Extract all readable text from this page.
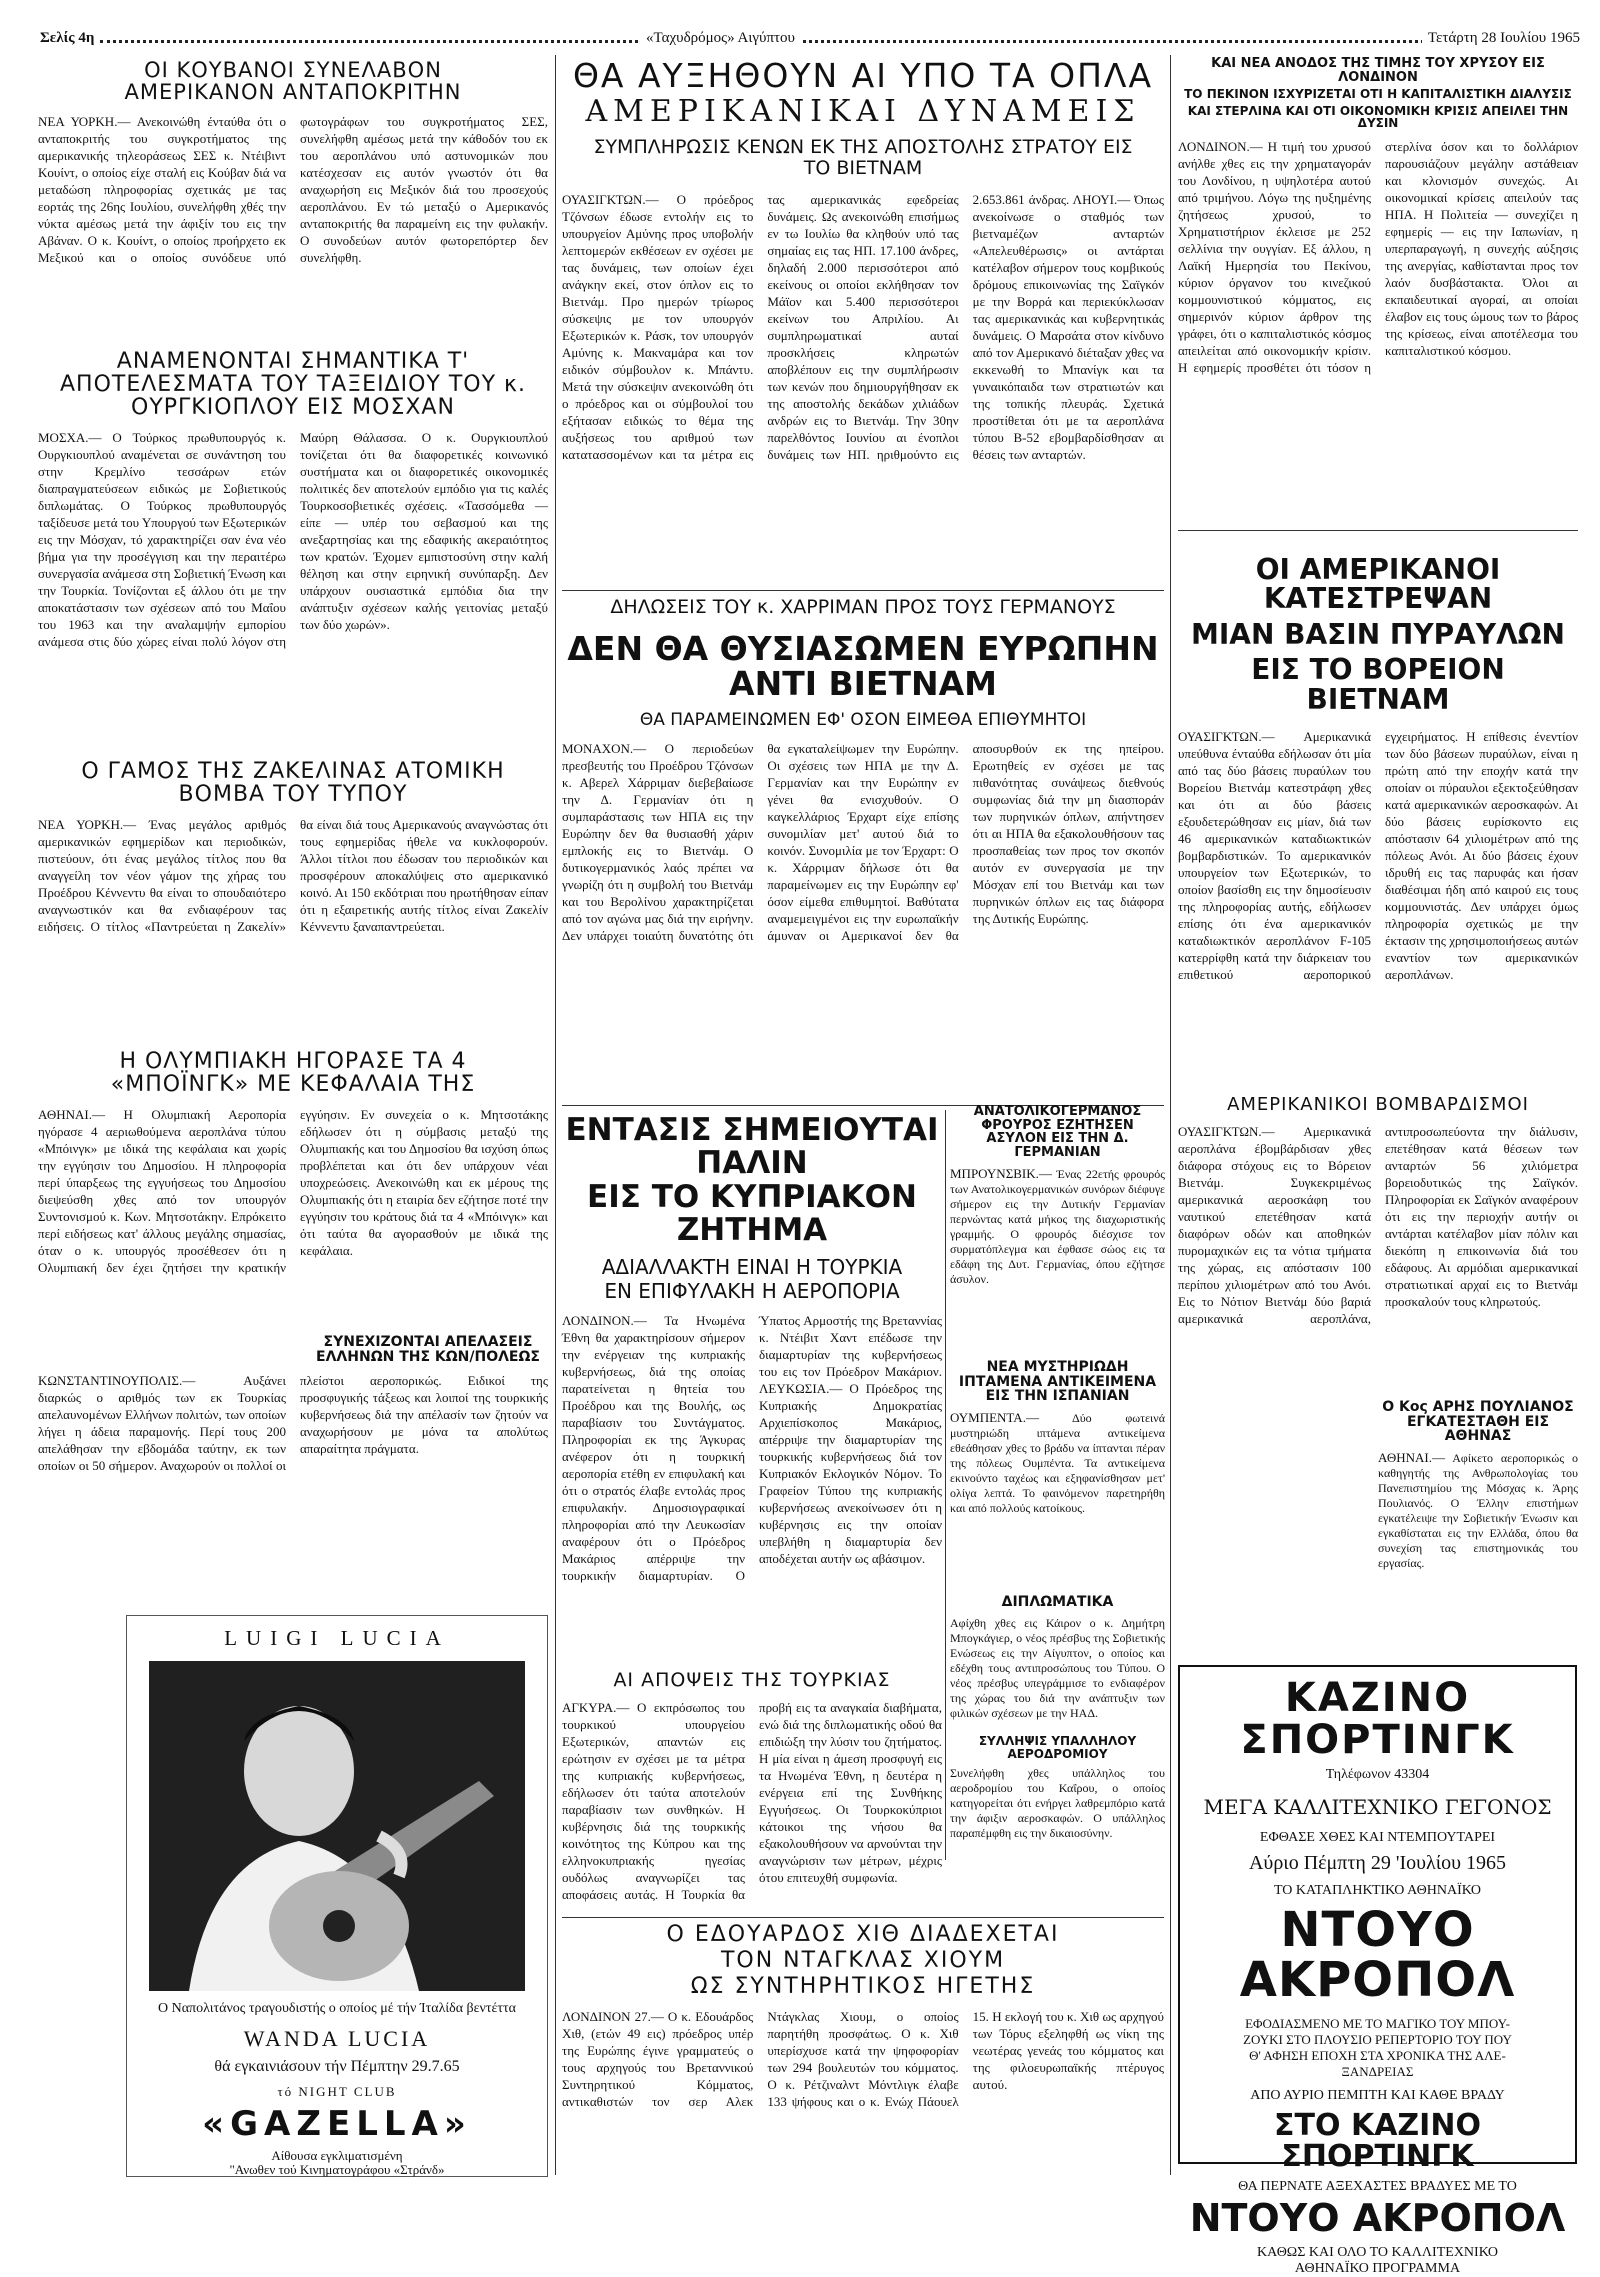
Σελίς 4η	«Ταχυδρόμος» Αιγύπτου	Τετάρτη 28 Ιουλίου 1965
ΟΙ ΚΟΥΒΑΝΟΙ ΣΥΝΕΛΑΒΟΝ ΑΜΕΡΙΚΑΝΟΝ ΑΝΤΑΠΟΚΡΙΤΗΝ
ΝΕΑ ΥΟΡΚΗ.— Ανεκοινώθη ένταύθα ότι ο ανταποκριτής του συγκροτήματος της αμερικανικής τηλεοράσεως ΣΕΣ κ. Ντέιβιντ Κουίντ, ο οποίος είχε σταλή εις Κούβαν διά να μεταδώση πληροφορίας σχετικάς με τας εορτάς της 26ης Ιουλίου, συνελήφθη χθές την νύκτα αμέσως μετά την άφιξίν του εις την Αβάναν. Ο κ. Κουίντ, ο οποίος προήρχετο εκ Μεξικού και ο οποίος συνόδευε υπό φωτογράφων του συγκροτήματος ΣΕΣ, συνελήφθη αμέσως μετά την κάθοδόν του εκ του αεροπλάνου υπό αστυνομικών που κατέσχεσαν εις αυτόν γνωστόν ότι θα αναχωρήση εις Μεξικόν διά του προσεχούς αεροπλάνου. Εν τώ μεταξύ ο Αμερικανός ανταποκριτής θα παραμείνη εις την φυλακήν. Ο συνοδεύων αυτόν φωτορεπόρτερ δεν συνελήφθη.
ΑΝΑΜΕΝΟΝΤΑΙ ΣΗΜΑΝΤΙΚΑ Τ' ΑΠΟΤΕΛΕΣΜΑΤΑ ΤΟΥ ΤΑΞΕΙΔΙΟΥ ΤΟΥ κ. ΟΥΡΓΚΙΟΠΛΟΥ ΕΙΣ ΜΟΣΧΑΝ
ΜΟΣΧΑ.— Ο Τούρκος πρωθυπουργός κ. Ουργκιουπλού αναμένεται σε συνάντηση του στην Κρεμλίνο τεσσάρων ετών διαπραγματεύσεων ειδικώς με Σοβιετικούς διπλωμάτας. Ο Τούρκος πρωθυπουργός ταξίδευσε μετά του Υπουργού των Εξωτερικών εις την Μόσχαν, τό χαρακτηρίζει σαν ένα νέο βήμα για την προσέγγιση και την περαιτέρω συνεργασία ανάμεσα στη Σοβιετική Ένωση και την Τουρκία. Τονίζονται εξ άλλου ότι με την αποκατάστασιν των σχέσεων από του Μαΐου του 1963 και την αναλαμψήν εμπορίου ανάμεσα στις δύο χώρες είναι πολύ λόγον στη Μαύρη Θάλασσα. Ο κ. Ουργκιουπλού τονίζεται ότι θα διαφορετικές κοινωνικό συστήματα και οι διαφορετικές οικονομικές πολιτικές δεν αποτελούν εμπόδιο για τις καλές Τουρκοσοβιετικές σχέσεις. «Τασσόμεθα — είπε — υπέρ του σεβασμού και της ανεξαρτησίας και της εδαφικής ακεραιότητος των κρατών. Έχομεν εμπιστοσύνη στην καλή θέληση και στην ειρηνική συνύπαρξη. Δεν υπάρχουν ουσιαστικά εμπόδια δια την ανάπτυξιν σχέσεων καλής γειτονίας μεταξύ των δύο χωρών».
Ο ΓΑΜΟΣ ΤΗΣ ΖΑΚΕΛΙΝΑΣ ΑΤΟΜΙΚΗ ΒΟΜΒΑ ΤΟΥ ΤΥΠΟΥ
ΝΕΑ ΥΟΡΚΗ.— Ένας μεγάλος αριθμός αμερικανικών εφημερίδων και περιοδικών, πιστεύουν, ότι ένας μεγάλος τίτλος που θα αναγγείλη τον νέον γάμον της χήρας του Προέδρου Κέννεντυ θα είναι το σπουδαιότερο αναγνωστικόν και θα ενδιαφέρουν τας ειδήσεις. Ο τίτλος «Παντρεύεται η Ζακελίν» θα είναι διά τους Αμερικανούς αναγνώστας ότι τους εφημερίδας ήθελε να κυκλοφορούν. Άλλοι τίτλοι που έδωσαν του περιοδικών και προσφέρουν αποκαλύψεις στο αμερικανικό κοινό. Αι 150 εκδότριαι που ηρωτήθησαν είπαν ότι η εξαιρετικής αυτής τίτλος είναι Ζακελίν Κέννεντυ ξαναπαντρεύεται.
Η ΟΛΥΜΠΙΑΚΗ ΗΓΟΡΑΣΕ ΤΑ 4 «ΜΠΟΪΝΓΚ» ΜΕ ΚΕΦΑΛΑΙΑ ΤΗΣ
ΑΘΗΝΑΙ.— Η Ολυμπιακή Αεροπορία ηγόρασε 4 αεριωθούμενα αεροπλάνα τύπου «Μπόινγκ» με ιδικά της κεφάλαια και χωρίς την εγγύησιν του Δημοσίου. Η πληροφορία περί ύπαρξεως της εγγυήσεως του Δημοσίου διεψεύσθη χθες από τον υπουργόν Συντονισμού κ. Κων. Μητσοτάκην. Επρόκειτο περί ειδήσεως κατ' άλλους μεγάλης σημασίας, όταν ο κ. υπουργός προσέθεσεν ότι η Ολυμπιακή δεν έχει ζητήσει την κρατικήν εγγύησιν. Εν συνεχεία ο κ. Μητσοτάκης εδήλωσεν ότι η σύμβασις μεταξύ της Ολυμπιακής και του Δημοσίου θα ισχύση όπως προβλέπεται και ότι δεν υπάρχουν νέαι υποχρεώσεις. Ανεκοινώθη και εκ μέρους της Ολυμπιακής ότι η εταιρία δεν εζήτησε ποτέ την εγγύησιν του κράτους διά τα 4 «Μπόινγκ» και ότι ταύτα θα αγορασθούν με ιδικά της κεφάλαια.
ΣΥΝΕΧΙΖΟΝΤΑΙ ΑΠΕΛΑΣΕΙΣ ΕΛΛΗΝΩΝ ΤΗΣ ΚΩΝ/ΠΟΛΕΩΣ
ΚΩΝΣΤΑΝΤΙΝΟΥΠΟΛΙΣ.—	Αυξάνει διαρκώς ο αριθμός των εκ Τουρκίας απελαυνομένων Ελλήνων πολιτών, των οποίων λήγει η άδεια παραμονής. Περί τους 200 απελάθησαν την εβδομάδα ταύτην, εκ των οποίων οι 50 σήμερον. Αναχωρούν οι πολλοί οι πλείστοι αεροπορικώς. Ειδικοί της προσφυγικής τάξεως και λοιποί της τουρκικής κυβερνήσεως διά την απέλασίν των ζητούν να αναχωρήσουν με μόνα τα απολύτως απαραίτητα πράγματα.
LUIGI LUCIA
Ο Ναπολιτάνος τραγουδιστής ο οποίος μέ τήν Ίταλίδα βεντέττα
WANDA LUCIA
θά εγκαινιάσουν τήν Πέμπτην 29.7.65
τό NIGHT CLUB
«GAZELLA»
Αίθουσα εγκλιματισμένη
"Ανωθεν τού Κινηματογράφου «Στράνδ»
ΘΑ ΑΥΞΗΘΟΥΝ ΑΙ ΥΠΟ ΤΑ ΟΠΛΑ
ΑΜΕΡΙΚΑΝΙΚΑΙ ΔΥΝΑΜΕΙΣ
ΣΥΜΠΛΗΡΩΣΙΣ ΚΕΝΩΝ ΕΚ ΤΗΣ ΑΠΟΣΤΟΛΗΣ ΣΤΡΑΤΟΥ ΕΙΣ ΤΟ ΒΙΕΤΝΑΜ
ΟΥΑΣΙΓΚΤΩΝ.— Ο πρόεδρος Τζόνσων έδωσε εντολήν εις το υπουργείον Αμύνης προς υποβολήν λεπτομερών εκθέσεων εν σχέσει με τας δυνάμεις, των οποίων έχει ανάγκην εκεί, στον όπλον εις το Βιετνάμ. Προ ημερών τρίωρος σύσκεψις με τον υπουργόν Εξωτερικών κ. Ράσκ, τον υπουργόν Αμύνης κ. Μακναμάρα και τον ειδικόν σύμβουλον κ. Μπάντυ. Μετά την σύσκεψιν ανεκοινώθη ότι ο πρόεδρος και οι σύμβουλοί του εξήτασαν ειδικώς το θέμα της αυξήσεως του αριθμού των κατατασσομένων και τα μέτρα εις τας αμερικανικάς εφεδρείας δυνάμεις. Ως ανεκοινώθη επισήμως εν τω Ιουλίω θα κληθούν υπό τας σημαίας εις τας ΗΠ. 17.100 άνδρες, δηλαδή 2.000 περισσότεροι από εκείνους οι οποίοι εκλήθησαν τον Μάϊον και 5.400 περισσότεροι εκείνων του Απριλίου. Αι συμπληρωματικαί αυταί προσκλήσεις κληρωτών αποβλέπουν εις την συμπλήρωσιν των κενών που δημιουργήθησαν εκ της αποστολής δεκάδων χιλιάδων ανδρών εις το Βιετνάμ. Την 30ην παρελθόντος Ιουνίου αι ένοπλοι δυνάμεις των ΗΠ. ηριθμούντο εις 2.653.861 άνδρας. ΛΗΟΥΙ.— Όπως ανεκοίνωσε ο σταθμός των βιετναμέζων ανταρτών «Απελευθέρωσις» οι αντάρται κατέλαβον σήμερον τους κομβικούς δρόμους επικοινωνίας της Σαϊγκόν με την Βορρά και περιεκύκλωσαν τας αμερικανικάς και κυβερνητικάς δυνάμεις. Ο Μαρσάτα στον κίνδυνο από τον Αμερικανό διέταξαν χθες να εκκενωθή το Μπανίγκ και τα γυναικόπαιδα των στρατιωτών και της τοπικής πλευράς. Σχετικά προστίθεται ότι με τα αεροπλάνα τύπου Β-52 εβομβαρδίσθησαν αι θέσεις των ανταρτών.
ΔΗΛΩΣΕΙΣ ΤΟΥ κ. ΧΑΡΡΙΜΑΝ ΠΡΟΣ ΤΟΥΣ ΓΕΡΜΑΝΟΥΣ
ΔΕΝ ΘΑ ΘΥΣΙΑΣΩΜΕΝ ΕΥΡΩΠΗΝ ΑΝΤΙ ΒΙΕΤΝΑΜ
ΘΑ ΠΑΡΑΜΕΙΝΩΜΕΝ ΕΦ' ΟΣΟΝ ΕΙΜΕΘΑ ΕΠΙΘΥΜΗΤΟΙ
ΜΟΝΑΧΟΝ.— Ο περιοδεύων πρεσβευτής του Προέδρου Τζόνσων κ. Αβερελ Χάρριμαν διεβεβαίωσε την Δ. Γερμανίαν ότι η συμπαράστασις των ΗΠΑ εις την Ευρώπην δεν θα θυσιασθή χάριν εμπλοκής εις το Βιετνάμ. Ο δυτικογερμανικός λαός πρέπει να γνωρίζη ότι η συμβολή του Βιετνάμ και του Βερολίνου χαρακτηρίζεται από τον αγώνα μας διά την ειρήνην. Δεν υπάρχει τοιαύτη δυνατότης ότι θα εγκαταλείψωμεν την Ευρώπην. Οι σχέσεις των ΗΠΑ με την Δ. Γερμανίαν και την Ευρώπην εν γένει θα ενισχυθούν. Ο καγκελλάριος Έρχαρτ είχε επίσης συνομιλίαν μετ' αυτού διά το κοινόν. Συνομιλία με τον Έρχαρτ: Ο κ. Χάρριμαν δήλωσε ότι θα παραμείνωμεν εις την Ευρώπην εφ' όσον είμεθα επιθυμητοί. Βαθύτατα αναμεμειγμένοι εις την ευρωπαϊκήν άμυναν οι Αμερικανοί δεν θα αποσυρθούν εκ της ηπείρου. Ερωτηθείς εν σχέσει με τας πιθανότητας συνάψεως διεθνούς συμφωνίας διά την μη διασποράν των πυρηνικών όπλων, απήντησεν ότι αι ΗΠΑ θα εξακολουθήσουν τας προσπαθείας των προς τον σκοπόν αυτόν εν συνεργασία με την Μόσχαν επί του Βιετνάμ και των πυρηνικών όπλων εις τας διάφορα της Δυτικής Ευρώπης.
ΕΝΤΑΣΙΣ ΣΗΜΕΙΟΥΤΑΙ ΠΑΛΙΝ
ΕΙΣ ΤΟ ΚΥΠΡΙΑΚΟΝ ΖΗΤΗΜΑ
ΑΔΙΑΛΛΑΚΤΗ ΕΙΝΑΙ Η ΤΟΥΡΚΙΑ
ΕΝ ΕΠΙΦΥΛΑΚΗ Η ΑΕΡΟΠΟΡΙΑ
ΛΟΝΔΙΝΟΝ.— Τα Ηνωμένα Έθνη θα χαρακτηρίσουν σήμερον την ενέργειαν της κυπριακής κυβερνήσεως, διά της οποίας παρατείνεται η θητεία του Προέδρου και της Βουλής, ως παραβίασιν του Συντάγματος. Πληροφορίαι εκ της Άγκυρας ανέφερον ότι η τουρκική αεροπορία ετέθη εν επιφυλακή και ότι ο στρατός έλαβε εντολάς προς επιφυλακήν. Δημοσιογραφικαί πληροφορίαι από την Λευκωσίαν αναφέρουν ότι ο Πρόεδρος Μακάριος απέρριψε την τουρκικήν διαμαρτυρίαν. Ο Ύπατος Αρμοστής της Βρεταννίας κ. Ντέιβιτ Χαντ επέδωσε την διαμαρτυρίαν της κυβερνήσεως του εις τον Πρόεδρον Μακάριον. ΛΕΥΚΩΣΙΑ.— Ο Πρόεδρος της Κυπριακής Δημοκρατίας Αρχιεπίσκοπος Μακάριος, απέρριψε την διαμαρτυρίαν της τουρκικής κυβερνήσεως διά τον Κυπριακόν Εκλογικόν Νόμον. Το Γραφείον Τύπου της κυπριακής κυβερνήσεως ανεκοίνωσεν ότι η κυβέρνησις εις την οποίαν υπεβλήθη η διαμαρτυρία δεν αποδέχεται αυτήν ως αβάσιμον.
ΑΙ ΑΠΟΨΕΙΣ ΤΗΣ ΤΟΥΡΚΙΑΣ
ΑΓΚΥΡΑ.— Ο εκπρόσωπος του τουρκικού υπουργείου Εξωτερικών, απαντών εις ερώτησιν εν σχέσει με τα μέτρα της κυπριακής κυβερνήσεως, εδήλωσεν ότι ταύτα αποτελούν παραβίασιν των συνθηκών. Η κυβέρνησις διά της τουρκικής κοινότητος της Κύπρου και της ελληνοκυπριακής ηγεσίας ουδόλως αναγνωρίζει τας αποφάσεις αυτάς. Η Τουρκία θα προβή εις τα αναγκαία διαβήματα, ενώ διά της διπλωματικής οδού θα επιδιώξη την λύσιν του ζητήματος. Η μία είναι η άμεση προσφυγή εις τα Ηνωμένα Έθνη, η δευτέρα η ενέργεια επί της Συνθήκης Εγγυήσεως. Οι Τουρκοκύπριοι κάτοικοι της νήσου θα εξακολουθήσουν να αρνούνται την αναγνώρισιν των μέτρων, μέχρις ότου επιτευχθή συμφωνία.
Ο ΕΔΟΥΑΡΔΟΣ ΧΙΘ ΔΙΑΔΕΧΕΤΑΙ
ΤΟΝ ΝΤΑΓΚΛΑΣ ΧΙΟΥΜ
ΩΣ ΣΥΝΤΗΡΗΤΙΚΟΣ ΗΓΕΤΗΣ
ΛΟΝΔΙΝΟΝ 27.— Ο κ. Εδουάρδος Χιθ, (ετών 49 εις) πρόεδρος υπέρ της Ευρώπης έγινε γραμματεύς ο τους αρχηγούς του Βρεταννικού Συντηρητικού Κόμματος, αντικαθιστών τον σερ Αλεκ Ντάγκλας Χιουμ, ο οποίος παρητήθη προσφάτως. Ο κ. Χιθ υπερίσχυσε κατά την ψηφοφορίαν των 294 βουλευτών του κόμματος. Ο κ. Ρέτζιναλντ Μόντλιγκ έλαβε 133 ψήφους και ο κ. Ενώχ Πάουελ 15. Η εκλογή του κ. Χιθ ως αρχηγού των Τόρυς εξεληφθή ως νίκη της νεωτέρας γενεάς του κόμματος και της φιλοευρωπαϊκής πτέρυγος αυτού.
ΑΝΑΤΟΛΙΚΟΓΕΡΜΑΝΟΣ ΦΡΟΥΡΟΣ ΕΖΗΤΗΣΕΝ ΑΣΥΛΟΝ ΕΙΣ ΤΗΝ Δ. ΓΕΡΜΑΝΙΑΝ
ΜΠΡΟΥΝΣΒΙΚ.— Ένας 22ετής φρουρός των Ανατολικογερμανικών συνόρων διέφυγε σήμερον εις την Δυτικήν Γερμανίαν περνώντας κατά μήκος της διαχωριστικής γραμμής. Ο φρουρός διέσχισε τον συρματόπλεγμα και έφθασε σώος εις τα εδάφη της Δυτ. Γερμανίας, όπου εζήτησε άσυλον.
ΝΕΑ ΜΥΣΤΗΡΙΩΔΗ ΙΠΤΑΜΕΝΑ ΑΝΤΙΚΕΙΜΕΝΑ ΕΙΣ ΤΗΝ ΙΣΠΑΝΙΑΝ
ΟΥΜΠΕΝΤΑ.—	Δύο φωτεινά μυστηριώδη ιπτάμενα αντικείμενα εθεάθησαν χθες το βράδυ να ίπτανται πέραν της πόλεως Ουμπέντα. Τα αντικείμενα εκινούντο ταχέως και εξηφανίσθησαν μετ' ολίγα λεπτά. Το φαινόμενον παρετηρήθη και από πολλούς κατοίκους.
ΔΙΠΛΩΜΑΤΙΚΑ
Αφίχθη χθες εις Κάιρον ο κ. Δημήτρη Μπογκάγιερ, ο νέος πρέσβυς της Σοβιετικής Ενώσεως εις την Αίγυπτον, ο οποίος και εδέχθη τους αντιπροσώπους του Τύπου. Ο νέος πρέσβυς υπεγράμμισε το ενδιαφέρον της χώρας του διά την ανάπτυξιν των φιλικών σχέσεων με την ΗΑΔ.
ΣΥΛΛΗΨΙΣ ΥΠΑΛΛΗΛΟΥ ΑΕΡΟΔΡΟΜΙΟΥ
Συνελήφθη χθες υπάλληλος του αεροδρομίου του Καΐρου, ο οποίος κατηγορείται ότι ενήργει λαθρεμπόριο κατά την άφιξιν αεροσκαφών. Ο υπάλληλος παραπέμφθη εις την δικαιοσύνην.
ΚΑΙ ΝΕΑ ΑΝΟΔΟΣ ΤΗΣ ΤΙΜΗΣ ΤΟΥ ΧΡΥΣΟΥ ΕΙΣ ΛΟΝΔΙΝΟΝ
ΤΟ ΠΕΚΙΝΟΝ ΙΣΧΥΡΙΖΕΤΑΙ ΟΤΙ Η ΚΑΠΙΤΑΛΙΣΤΙΚΗ ΔΙΑΛΥΣΙΣ
ΚΑΙ ΣΤΕΡΛΙΝΑ ΚΑΙ ΟΤΙ ΟΙΚΟΝΟΜΙΚΗ ΚΡΙΣΙΣ ΑΠΕΙΛΕΙ ΤΗΝ ΔΥΣΙΝ
ΛΟΝΔΙΝΟΝ.— Η τιμή του χρυσού ανήλθε χθες εις την χρηματαγοράν του Λονδίνου, η υψηλοτέρα αυτού από τριμήνου. Λόγω της ηυξημένης ζητήσεως χρυσού, το Χρηματιστήριον έκλεισε με 252 σελλίνια την ουγγίαν. Εξ άλλου, η Λαϊκή Ημερησία του Πεκίνου, κύριον όργανον του κινεζικού κομμουνιστικού κόμματος, εις σημερινόν κύριον άρθρον της γράφει, ότι ο καπιταλιστικός κόσμος απειλείται από οικονομικήν κρίσιν. Η εφημερίς προσθέτει ότι τόσον η στερλίνα όσον και το δολλάριον παρουσιάζουν μεγάλην αστάθειαν και κλονισμόν συνεχώς. Αι οικονομικαί κρίσεις απειλούν τας ΗΠΑ. Η Πολιτεία — συνεχίζει η εφημερίς — εις την Ιαπωνίαν, η υπερπαραγωγή, η συνεχής αύξησις της ανεργίας, καθίστανται προς τον λαόν δυσβάστακτα. Όλοι αι εκπαιδευτικαί αγοραί, αι οποίαι έλαβον εις τους ώμους των το βάρος της κρίσεως, είναι αποτέλεσμα του καπιταλιστικού κόσμου.
ΟΙ ΑΜΕΡΙΚΑΝΟΙ ΚΑΤΕΣΤΡΕΨΑΝ
ΜΙΑΝ ΒΑΣΙΝ ΠΥΡΑΥΛΩΝ
ΕΙΣ ΤΟ ΒΟΡΕΙΟΝ ΒΙΕΤΝΑΜ
ΟΥΑΣΙΓΚΤΩΝ.— Αμερικανικά υπεύθυνα ένταύθα εδήλωσαν ότι μία από τας δύο βάσεις πυραύλων του Βορείου Βιετνάμ κατεστράφη χθες και ότι αι δύο βάσεις εξουδετερώθησαν εις μίαν, διά των 46 αμερικανικών καταδιωκτικών βομβαρδιστικών. Το αμερικανικόν υπουργείον των Εξωτερικών, το οποίον βασίσθη εις την δημοσίευσιν της πληροφορίας αυτής, εδήλωσεν επίσης ότι ένα αμερικανικόν καταδιωκτικόν αεροπλάνον F-105 κατερρίφθη κατά την διάρκειαν του επιθετικού αεροπορικού εγχειρήματος. Η επίθεσις ένεντίον των δύο βάσεων πυραύλων, είναι η πρώτη από την εποχήν κατά την οποίαν οι πύραυλοι εξεκτοξεύθησαν κατά αμερικανικών αεροσκαφών. Αι δύο βάσεις ευρίσκοντο εις απόστασιν 64 χιλιομέτρων από της πόλεως Ανόι. Αι δύο βάσεις έχουν ιδρυθή εις τας παρυφάς και ήσαν διαθέσιμαι ήδη από καιρού εις τους κομμουνιστάς. Δεν υπάρχει όμως πληροφορία σχετικώς με την έκτασιν της χρησιμοποιήσεως αυτών εναντίον των αμερικανικών αεροπλάνων.
ΑΜΕΡΙΚΑΝΙΚΟΙ ΒΟΜΒΑΡΔΙΣΜΟΙ
ΟΥΑΣΙΓΚΤΩΝ.— Αμερικανικά αεροπλάνα έβομβάρδισαν χθες διάφορα στόχους εις το Βόρειον Βιετνάμ. Συγκεκριμένως αμερικανικά αεροσκάφη του ναυτικού επετέθησαν κατά διαφόρων οδών και αποθηκών πυρομαχικών εις τα νότια τμήματα της χώρας, εις απόστασιν 100 περίπου χιλιομέτρων από του Ανόι. Εις το Νότιον Βιετνάμ δύο βαριά αμερικανικά αεροπλάνα, αντιπροσωπεύοντα την διάλυσιν, επετέθησαν κατά θέσεων των ανταρτών 56 χιλιόμετρα βορειοδυτικώς της Σαϊγκόν. Πληροφορίαι εκ Σαϊγκόν αναφέρουν ότι εις την περιοχήν αυτήν οι αντάρται κατέλαβον μίαν πόλιν και διεκόπη η επικοινωνία διά του εδάφους. Αι αρμόδιαι αμερικανικαί στρατιωτικαί αρχαί εις το Βιετνάμ προσκαλούν τους κληρωτούς.
Ο Κος ΑΡΗΣ ΠΟΥΛΙΑΝΟΣ ΕΓΚΑΤΕΣΤΑΘΗ ΕΙΣ ΑΘΗΝΑΣ
ΑΘΗΝΑΙ.— Αφίκετο αεροπορικώς ο καθηγητής της Ανθρωπολογίας του Πανεπιστημίου της Μόσχας κ. Άρης Πουλιανός. Ο Έλλην επιστήμων εγκατέλειψε την Σοβιετικήν Ένωσιν και εγκαθίσταται εις την Ελλάδα, όπου θα συνεχίση τας επιστημονικάς του εργασίας.
ΚΑΖΙΝΟ ΣΠΟΡΤΙΝΓΚ
Τηλέφωνον 43304
ΜΕΓΑ ΚΑΛΛΙΤΕΧΝΙΚΟ ΓΕΓΟΝΟΣ
ΕΦΘΑΣΕ ΧΘΕΣ ΚΑΙ ΝΤΕΜΠΟΥΤΑΡΕΙ
Αύριο Πέμπτη 29 'Ιουλίου 1965
ΤΟ ΚΑΤΑΠΛΗΚΤΙΚΟ ΑΘΗΝΑΪΚΟ
ΝΤΟΥΟ ΑΚΡΟΠΟΛ
ΕΦΟΔΙΑΣΜΕΝΟ ΜΕ ΤΟ ΜΑΓΙΚΟ ΤΟΥ ΜΠΟΥ-
ΖΟΥΚΙ ΣΤΟ ΠΛΟΥΣΙΟ ΡΕΠΕΡΤΟΡΙΟ ΤΟΥ ΠΟΥ
Θ' ΑΦΗΣΗ ΕΠΟΧΗ ΣΤΑ ΧΡΟΝΙΚΑ ΤΗΣ ΑΛΕ-
ΞΑΝΔΡΕΙΑΣ
ΑΠΟ ΑΥΡΙΟ ΠΕΜΠΤΗ ΚΑΙ ΚΑΘΕ ΒΡΑΔΥ
ΣΤΟ ΚΑΖΙΝΟ ΣΠΟΡΤΙΝΓΚ
ΘΑ ΠΕΡΝΑΤΕ ΑΞΕΧΑΣΤΕΣ ΒΡΑΔΥΕΣ ΜΕ ΤΟ
ΝΤΟΥΟ ΑΚΡΟΠΟΛ
ΚΑΘΩΣ ΚΑΙ ΟΛΟ ΤΟ ΚΑΛΛΙΤΕΧΝΙΚΟ
ΑΘΗΝΑΪΚΟ ΠΡΟΓΡΑΜΜΑ
